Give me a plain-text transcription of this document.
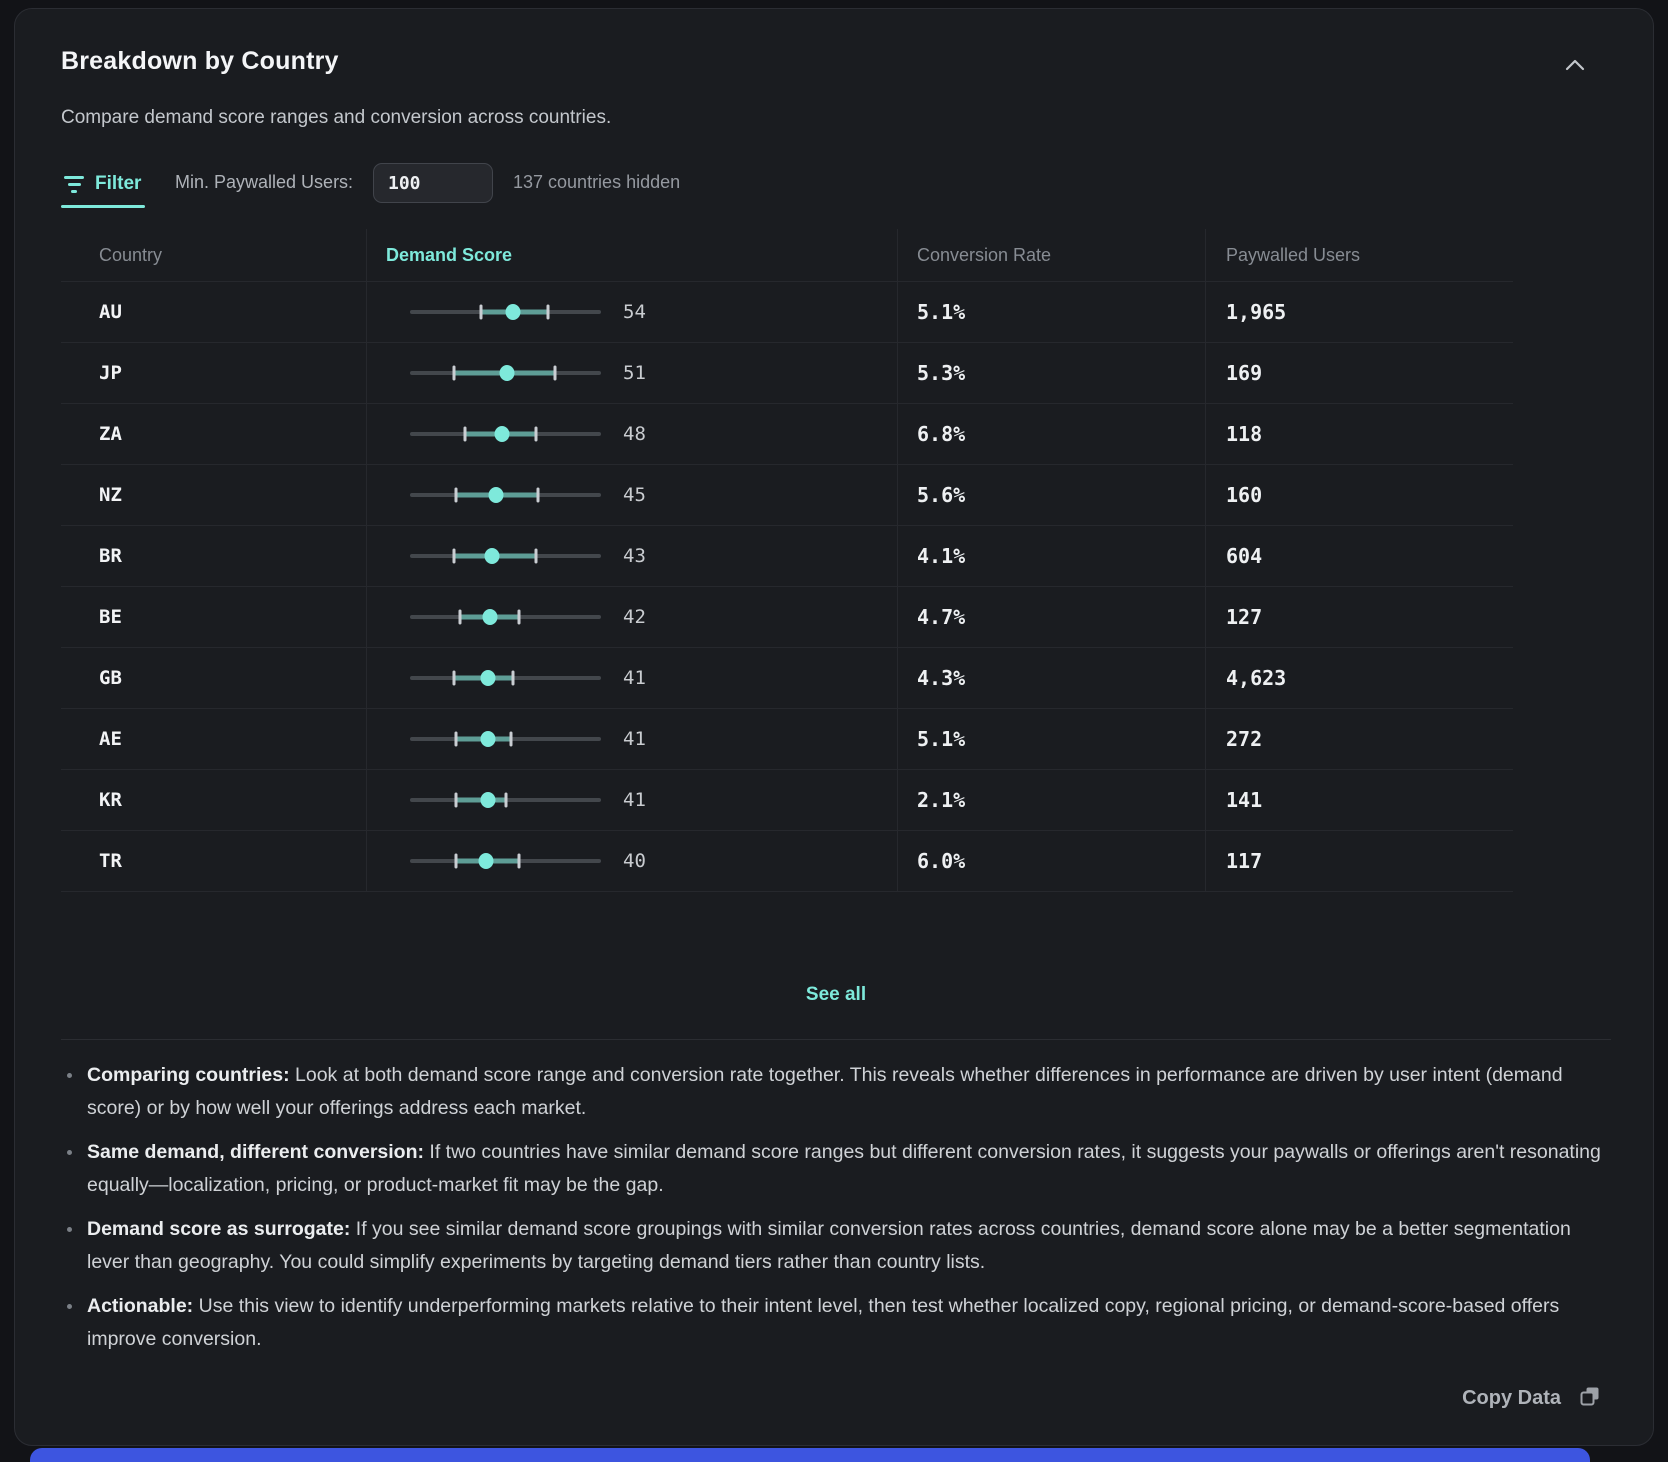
Breakdown by Country
Compare demand score ranges and conversion across countries.
Filter Min. Paywalled Users:
100	137 countries hidden
Country	Demand Score	Conversion Rate	Paywalled Users
AU	54	5.1%	1,965
JP	51	5.3%	169
ZA	48	6.8%	118
NZ	45	5.6%	160
BR	43	4.1%	604
BE	42	4.7%	127
GB	41	4.3%	4,623
AE	41	5.1%	272
KR	41	2.1%	141
TR	40	6.0%	117
See all
Comparing countries: Look at both demand score range and conversion rate together. This reveals whether differences in performance are driven by user intent (demand score) or by how well your offerings address each market.
Same demand, different conversion: If two countries have similar demand score ranges but different conversion rates, it suggests your paywalls or offerings aren't resonating equally—localization, pricing, or product-market fit may be the gap.
Demand score as surrogate: If you see similar demand score groupings with similar conversion rates across countries, demand score alone may be a better segmentation lever than geography. You could simplify experiments by targeting demand tiers rather than country lists.
Actionable: Use this view to identify underperforming markets relative to their intent level, then test whether localized copy, regional pricing, or demand-score-based offers improve conversion.
Copy Data
